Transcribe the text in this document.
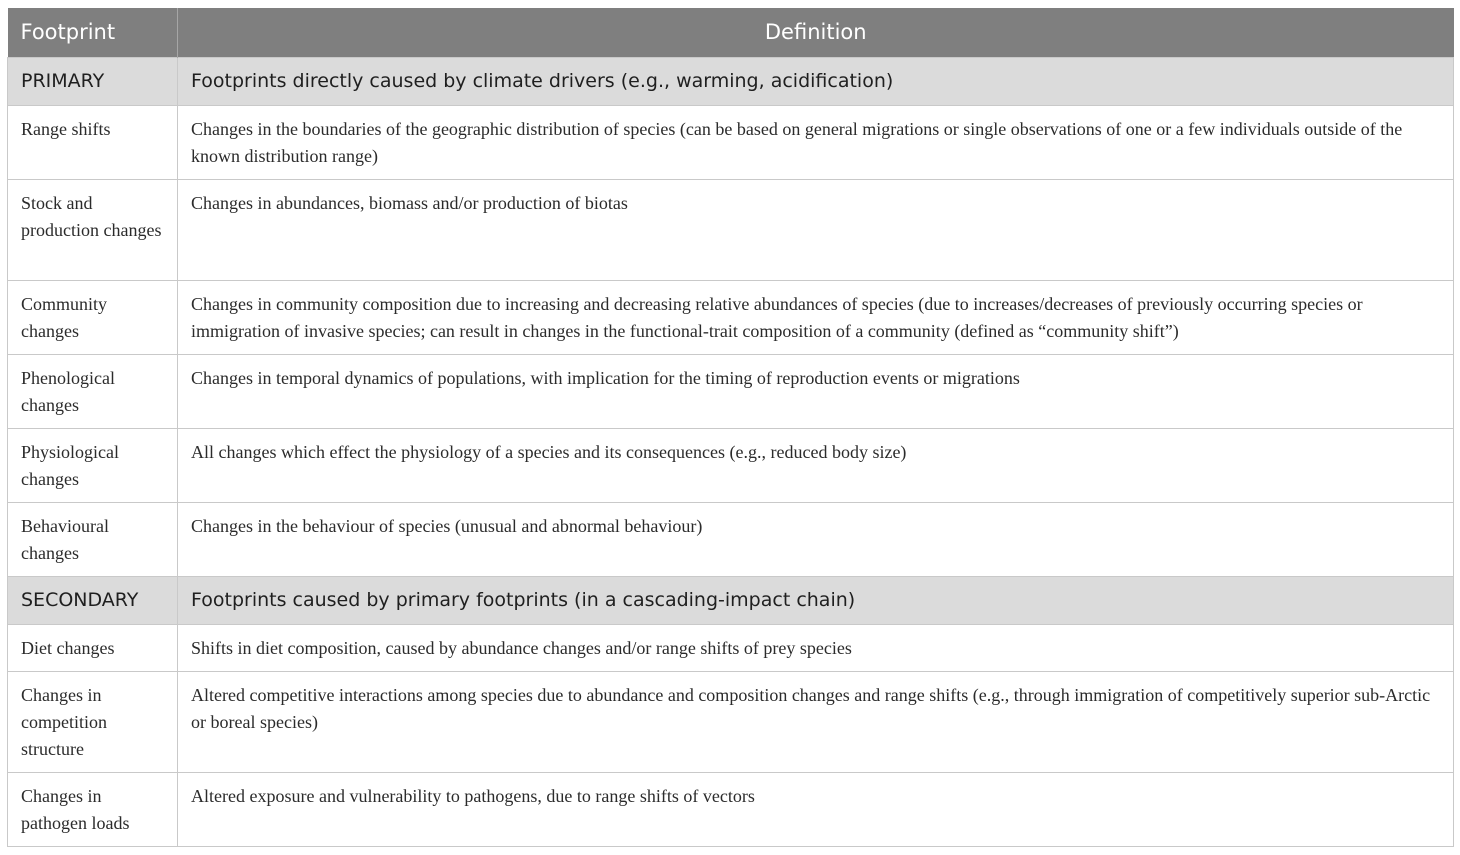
Footprint	Definition
PRIMARY	Footprints directly caused by climate drivers (e.g., warming, acidification)
Range shifts	Changes in the boundaries of the geographic distribution of species (can be based on general migrations or single observations of one or a few individuals outside of the known distribution range)
Stock and production changes	Changes in abundances, biomass and/or production of biotas
Community changes	Changes in community composition due to increasing and decreasing relative abundances of species (due to increases/decreases of previously occurring species or immigration of invasive species; can result in changes in the functional-trait composition of a community (defined as “community shift”)
Phenological changes	Changes in temporal dynamics of populations, with implication for the timing of reproduction events or migrations
Physiological changes	All changes which effect the physiology of a species and its consequences (e.g., reduced body size)
Behavioural changes	Changes in the behaviour of species (unusual and abnormal behaviour)
SECONDARY	Footprints caused by primary footprints (in a cascading-impact chain)
Diet changes	Shifts in diet composition, caused by abundance changes and/or range shifts of prey species
Changes in competition structure	Altered competitive interactions among species due to abundance and composition changes and range shifts (e.g., through immigration of competitively superior sub-Arctic or boreal species)
Changes in pathogen loads	Altered exposure and vulnerability to pathogens, due to range shifts of vectors
